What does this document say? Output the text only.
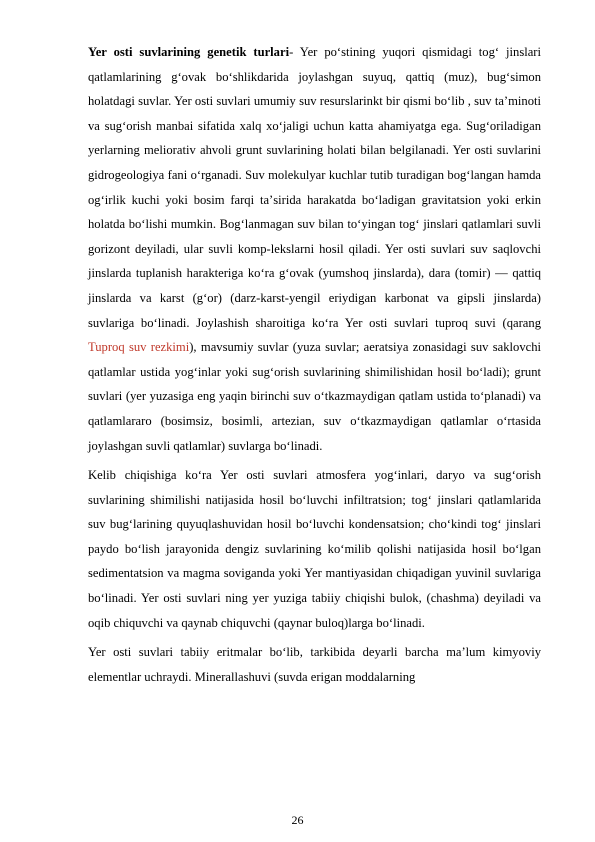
Yer osti suvlarining genetik turlari- Yer po‘stining yuqori qismidagi tog‘ jinslari qatlamlarining g‘ovak bo‘shlikdarida joylashgan suyuq, qattiq (muz), bug‘simon holatdagi suvlar. Yer osti suvlari umumiy suv resurslarinkt bir qismi bo‘lib , suv taʼminoti va sug‘orish manbai sifatida xalq xo‘jaligi uchun katta ahamiyatga ega. Sug‘oriladigan yerlarning meliorativ ahvoli grunt suvlarining holati bilan belgilanadi. Yer osti suvlarini gidrogeologiya fani o‘rganadi. Suv molekulyar kuchlar tutib turadigan bog‘langan hamda og‘irlik kuchi yoki bosim farqi taʼsirida harakatda bo‘ladigan gravitatsion yoki erkin holatda bo‘lishi mumkin. Bog‘lanmagan suv bilan to‘yingan tog‘ jinslari qatlamlari suvli gorizont deyiladi, ular suvli komp-lekslarni hosil qiladi. Yer osti suvlari suv saqlovchi jinslarda tuplanish harakteriga ko‘ra g‘ovak (yumshoq jinslarda), dara (tomir) — qattiq jinslarda va karst (g‘or) (darz-karst-yengil eriydigan karbonat va gipsli jinslarda) suvlariga bo‘linadi. Joylashish sharoitiga ko‘ra Yer osti suvlari tuproq suvi (qarang Tuproq suv rezkimi), mavsumiy suvlar (yuza suvlar; aeratsiya zonasidagi suv saklovchi qatlamlar ustida yog‘inlar yoki sug‘orish suvlarining shimilishidan hosil bo‘ladi); grunt suvlari (yer yuzasiga eng yaqin birinchi suv o‘tkazmaydigan qatlam ustida to‘planadi) va qatlamlararo (bosimsiz, bosimli, artezian, suv o‘tkazmaydigan qatlamlar o‘rtasida joylashgan suvli qatlamlar) suvlarga bo‘linadi.

Kelib chiqishiga ko‘ra Yer osti suvlari atmosfera yog‘inlari, daryo va sug‘orish suvlarining shimilishi natijasida hosil bo‘luvchi infiltratsion; tog‘ jinslari qatlamlarida suv bug‘larining quyuqlashuvidan hosil bo‘luvchi kondensatsion; cho‘kindi tog‘ jinslari paydo bo‘lish jarayonida dengiz suvlarining ko‘milib qolishi natijasida hosil bo‘lgan sedimentatsion va magma soviganda yoki Yer mantiyasidan chiqadigan yuvinil suvlariga bo‘linadi. Yer osti suvlari ning yer yuziga tabiiy chiqishi bulok, (chashma) deyiladi va oqib chiquvchi va qaynab chiquvchi (qaynar buloq)larga bo‘linadi.

Yer osti suvlari tabiiy eritmalar bo‘lib, tarkibida deyarli barcha maʼlum kimyoviy elementlar uchraydi. Minerallashuvi (suvda erigan moddalarning

26
